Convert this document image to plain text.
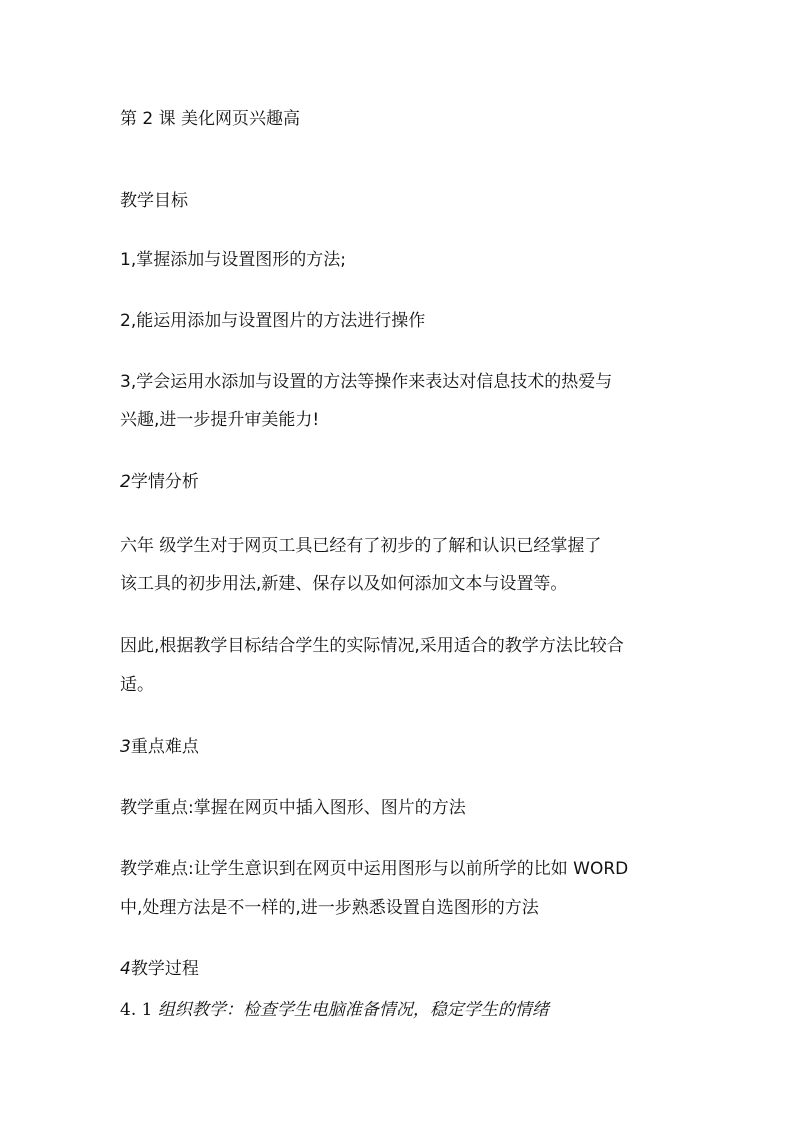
第 2 课 美化网页兴趣高
教学目标
1,掌握添加与设置图形的方法;
2,能运用添加与设置图片的方法进行操作
3,学会运用水添加与设置的方法等操作来表达对信息技术的热爱与
兴趣,进一步提升审美能力!
2学情分析
六年 级学生对于网页工具已经有了初步的了解和认识已经掌握了
该工具的初步用法,新建、保存以及如何添加文本与设置等。
因此,根据教学目标结合学生的实际情况,采用适合的教学方法比较合
适。
3重点难点
教学重点:掌握在网页中插入图形、图片的方法
教学难点:让学生意识到在网页中运用图形与以前所学的比如 WORD
中,处理方法是不一样的,进一步熟悉设置自选图形的方法
4教学过程
4. 1 组织教学：检查学生电脑准备情况，稳定学生的情绪
